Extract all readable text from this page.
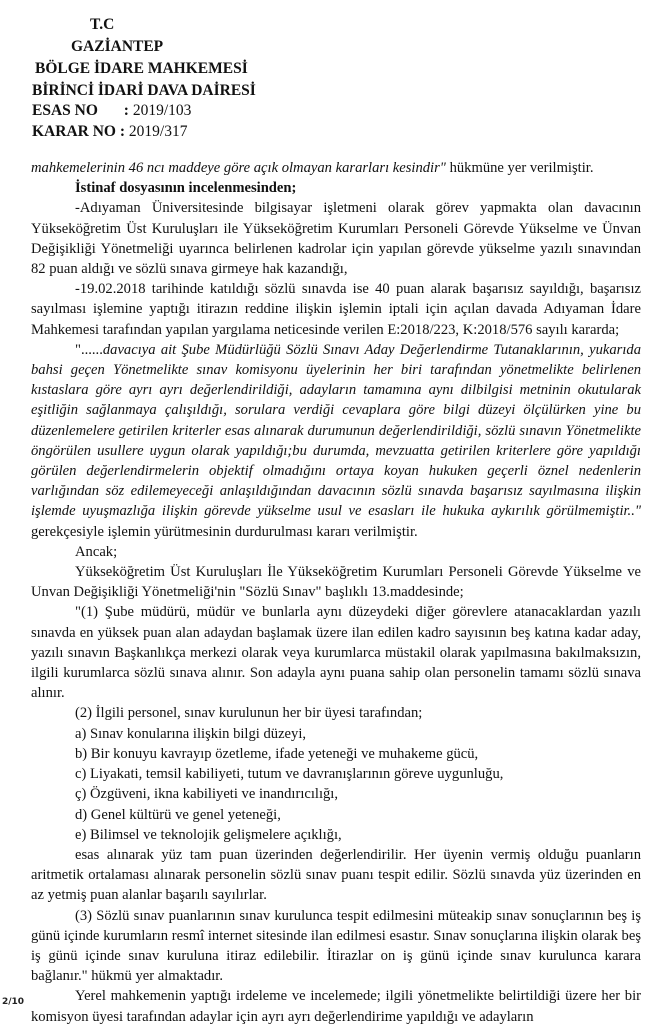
T.C
GAZİANTEP
BÖLGE İDARE MAHKEMESİ
BİRİNCİ İDARİ DAVA DAİRESİ
ESAS NO : 2019/103
KARAR NO : 2019/317

mahkemelerinin 46 ncı maddeye göre açık olmayan kararları kesindir" hükmüne yer verilmiştir.

İstinaf dosyasının incelenmesinden;

-Adıyaman Üniversitesinde bilgisayar işletmeni olarak görev yapmakta olan davacının Yükseköğretim Üst Kuruluşları ile Yükseköğretim Kurumları Personeli Görevde Yükselme ve Ünvan Değişikliği Yönetmeliği uyarınca belirlenen kadrolar için yapılan görevde yükselme yazılı sınavından 82 puan aldığı ve sözlü sınava girmeye hak kazandığı,

-19.02.2018 tarihinde katıldığı sözlü sınavda ise 40 puan alarak başarısız sayıldığı, başarısız sayılması işlemine yaptığı itirazın reddine ilişkin işlemin iptali için açılan davada Adıyaman İdare Mahkemesi tarafından yapılan yargılama neticesinde verilen E:2018/223, K:2018/576 sayılı kararda;

"......davacıya ait Şube Müdürlüğü Sözlü Sınavı Aday Değerlendirme Tutanaklarının, yukarıda bahsi geçen Yönetmelikte sınav komisyonu üyelerinin her biri tarafından yönetmelikte belirlenen kıstaslara göre ayrı ayrı değerlendirildiği, adayların tamamına aynı dilbilgisi metninin okutularak eşitliğin sağlanmaya çalışıldığı, sorulara verdiği cevaplara göre bilgi düzeyi ölçülürken yine bu düzenlemelere getirilen kriterler esas alınarak durumunun değerlendirildiği, sözlü sınavın Yönetmelikte öngörülen usullere uygun olarak yapıldığı;bu durumda, mevzuatta getirilen kriterlere göre yapıldığı görülen değerlendirmelerin objektif olmadığını ortaya koyan hukuken geçerli öznel nedenlerin varlığından söz edilemeyeceği anlaşıldığından davacının sözlü sınavda başarısız sayılmasına ilişkin işlemde uyuşmazlığa ilişkin görevde yükselme usul ve esasları ile hukuka aykırılık görülmemiştir.." gerekçesiyle işlemin yürütmesinin durdurulması kararı verilmiştir.

Ancak;

Yükseköğretim Üst Kuruluşları İle Yükseköğretim Kurumları Personeli Görevde Yükselme ve Unvan Değişikliği Yönetmeliği'nin "Sözlü Sınav" başlıklı 13.maddesinde;

"(1) Şube müdürü, müdür ve bunlarla aynı düzeydeki diğer görevlere atanacaklardan yazılı sınavda en yüksek puan alan adaydan başlamak üzere ilan edilen kadro sayısının beş katına kadar aday, yazılı sınavın Başkanlıkça merkezi olarak veya kurumlarca müstakil olarak yapılmasına bakılmaksızın, ilgili kurumlarca sözlü sınava alınır. Son adayla aynı puana sahip olan personelin tamamı sözlü sınava alınır.

(2) İlgili personel, sınav kurulunun her bir üyesi tarafından;

a) Sınav konularına ilişkin bilgi düzeyi,

b) Bir konuyu kavrayıp özetleme, ifade yeteneği ve muhakeme gücü,

c) Liyakati, temsil kabiliyeti, tutum ve davranışlarının göreve uygunluğu,

ç) Özgüveni, ikna kabiliyeti ve inandırıcılığı,

d) Genel kültürü ve genel yeteneği,

e) Bilimsel ve teknolojik gelişmelere açıklığı,

esas alınarak yüz tam puan üzerinden değerlendirilir. Her üyenin vermiş olduğu puanların aritmetik ortalaması alınarak personelin sözlü sınav puanı tespit edilir. Sözlü sınavda yüz üzerinden en az yetmiş puan alanlar başarılı sayılırlar.

(3) Sözlü sınav puanlarının sınav kurulunca tespit edilmesini müteakip sınav sonuçlarının beş iş günü içinde kurumların resmî internet sitesinde ilan edilmesi esastır. Sınav sonuçlarına ilişkin olarak beş iş günü içinde sınav kuruluna itiraz edilebilir. İtirazlar on iş günü içinde sınav kurulunca karara bağlanır." hükmü yer almaktadır.

Yerel mahkemenin yaptığı irdeleme ve incelemede; ilgili yönetmelikte belirtildiği üzere her bir komisyon üyesi tarafından adaylar için ayrı ayrı değerlendirime yapıldığı ve adayların

2/10
